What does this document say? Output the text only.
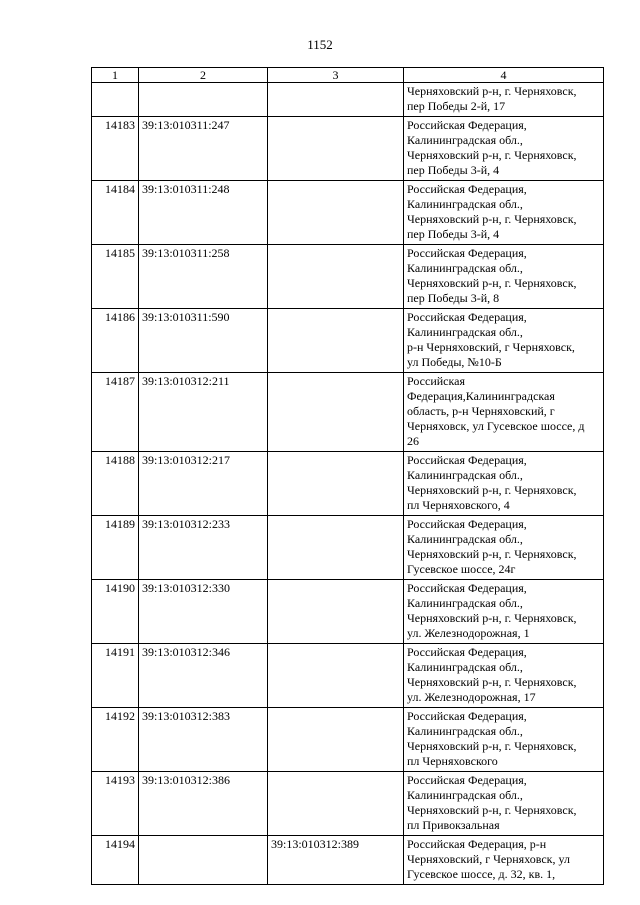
1152
1	2	3	4

			Черняховский р-н, г. Черняховск,
пер Победы 2-й, 17

14183	39:13:010311:247		Российская Федерация,
Калининградская обл.,
Черняховский р-н, г. Черняховск,
пер Победы 3-й, 4

14184	39:13:010311:248		Российская Федерация,
Калининградская обл.,
Черняховский р-н, г. Черняховск,
пер Победы 3-й, 4

14185	39:13:010311:258		Российская Федерация,
Калининградская обл.,
Черняховский р-н, г. Черняховск,
пер Победы 3-й, 8

14186	39:13:010311:590		Российская Федерация,
Калининградская обл.,
р-н Черняховский, г Черняховск,
ул Победы, №10-Б

14187	39:13:010312:211		Российская
Федерация,Калининградская
область, р-н Черняховский, г
Черняховск, ул Гусевское шоссе, д
26

14188	39:13:010312:217		Российская Федерация,
Калининградская обл.,
Черняховский р-н, г. Черняховск,
пл Черняховского, 4

14189	39:13:010312:233		Российская Федерация,
Калининградская обл.,
Черняховский р-н, г. Черняховск,
Гусевское шоссе, 24г

14190	39:13:010312:330		Российская Федерация,
Калининградская обл.,
Черняховский р-н, г. Черняховск,
ул. Железнодорожная, 1

14191	39:13:010312:346		Российская Федерация,
Калининградская обл.,
Черняховский р-н, г. Черняховск,
ул. Железнодорожная, 17

14192	39:13:010312:383		Российская Федерация,
Калининградская обл.,
Черняховский р-н, г. Черняховск,
пл Черняховского

14193	39:13:010312:386		Российская Федерация,
Калининградская обл.,
Черняховский р-н, г. Черняховск,
пл Привокзальная

14194		39:13:010312:389	Российская Федерация, р-н
Черняховский, г Черняховск, ул
Гусевское шоссе, д. 32, кв. 1,
